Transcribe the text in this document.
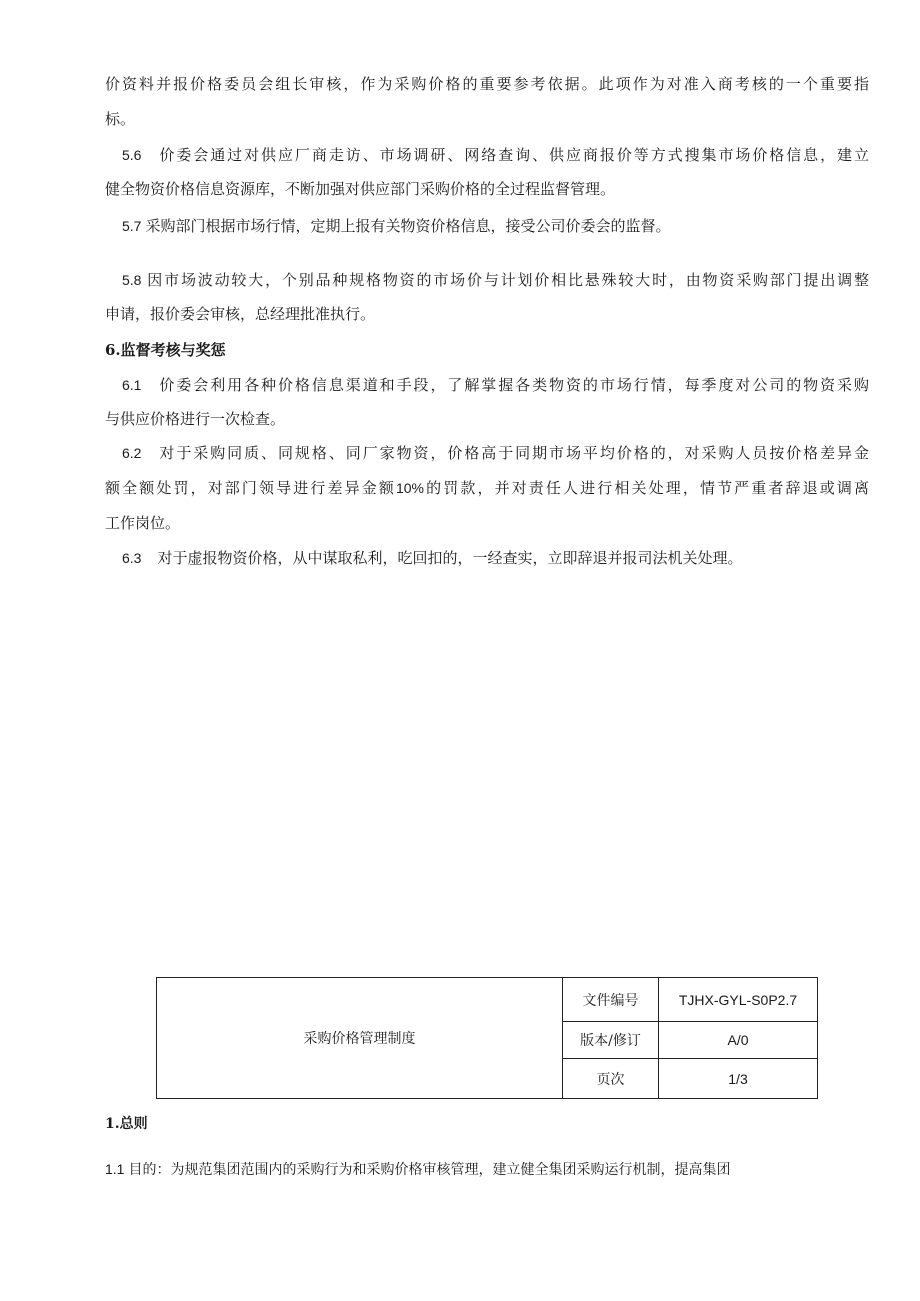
价资料并报价格委员会组长审核，作为采购价格的重要参考依据。此项作为对准入商考核的一个重要指
标。
5.6 价委会通过对供应厂商走访、市场调研、网络查询、供应商报价等方式搜集市场价格信息，建立
健全物资价格信息资源库，不断加强对供应部门采购价格的全过程监督管理。
5.7 采购部门根据市场行情，定期上报有关物资价格信息，接受公司价委会的监督。
5.8 因市场波动较大，个别品种规格物资的市场价与计划价相比悬殊较大时，由物资采购部门提出调整
申请，报价委会审核，总经理批准执行。
6.监督考核与奖惩
6.1 价委会利用各种价格信息渠道和手段，了解掌握各类物资的市场行情，每季度对公司的物资采购
与供应价格进行一次检查。
6.2 对于采购同质、同规格、同厂家物资，价格高于同期市场平均价格的，对采购人员按价格差异金
额全额处罚，对部门领导进行差异金额10%的罚款，并对责任人进行相关处理，情节严重者辞退或调离
工作岗位。
6.3 对于虚报物资价格，从中谋取私利，吃回扣的，一经查实，立即辞退并报司法机关处理。
采购价格管理制度	文件编号	TJHX-GYL-S0P2.7
	版本/修订	A/0
	页次	1/3
1.总则
1.1 目的：为规范集团范围内的采购行为和采购价格审核管理，建立健全集团采购运行机制，提高集团
